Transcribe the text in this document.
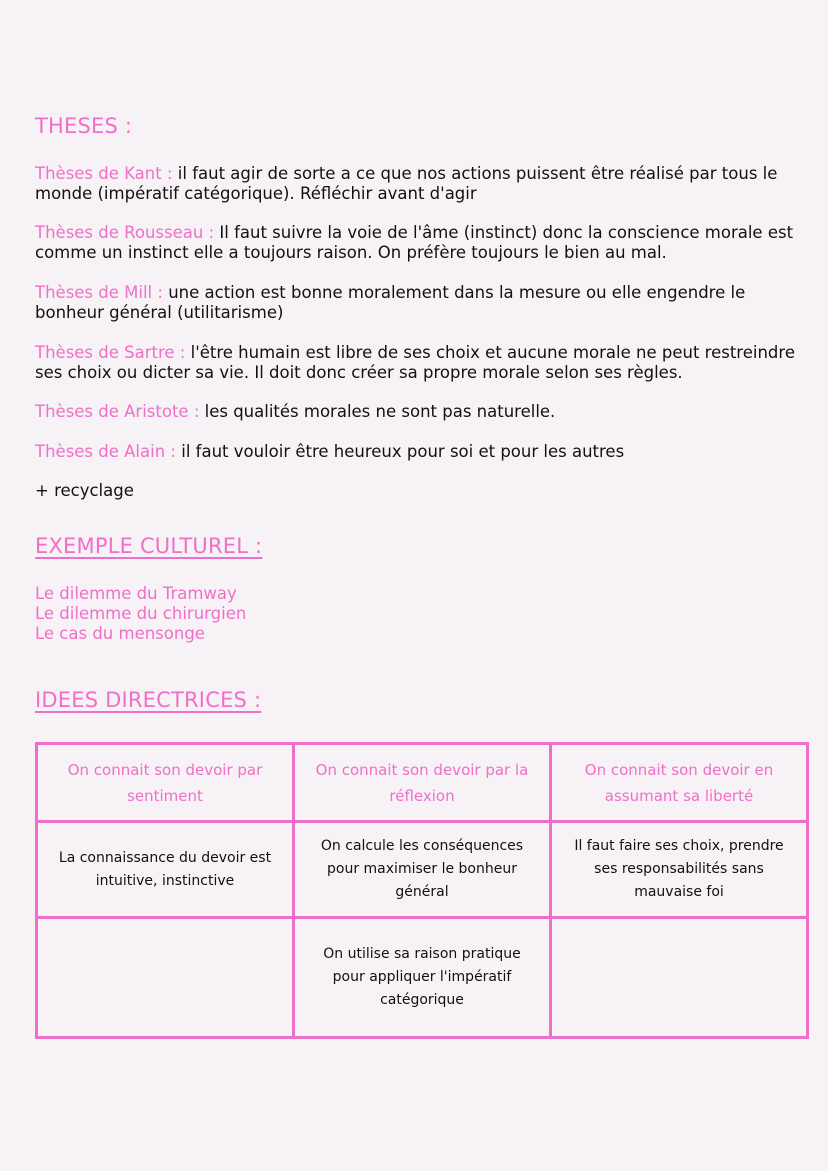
THESES :
Thèses de Kant : il faut agir de sorte a ce que nos actions puissent être réalisé par tous le monde (impératif catégorique). Réfléchir avant d'agir
Thèses de Rousseau : Il faut suivre la voie de l'âme (instinct) donc la conscience morale est comme un instinct elle a toujours raison. On préfère toujours le bien au mal.
Thèses de Mill : une action est bonne moralement dans la mesure ou elle engendre le bonheur général (utilitarisme)
Thèses de Sartre : l'être humain est libre de ses choix et aucune morale ne peut restreindre ses choix ou dicter sa vie. Il doit donc créer sa propre morale selon ses règles.
Thèses de Aristote : les qualités morales ne sont pas naturelle.
Thèses de Alain : il faut vouloir être heureux pour soi et pour les autres
+ recyclage
EXEMPLE CULTUREL :
Le dilemme du Tramway
Le dilemme du chirurgien
Le cas du mensonge
IDEES DIRECTRICES :
On connait son devoir par sentiment	On connait son devoir par la réflexion	On connait son devoir en assumant sa liberté
La connaissance du devoir est intuitive, instinctive	On calcule les conséquences pour maximiser le bonheur général	Il faut faire ses choix, prendre ses responsabilités sans mauvaise foi
	On utilise sa raison pratique pour appliquer l'impératif catégorique	
